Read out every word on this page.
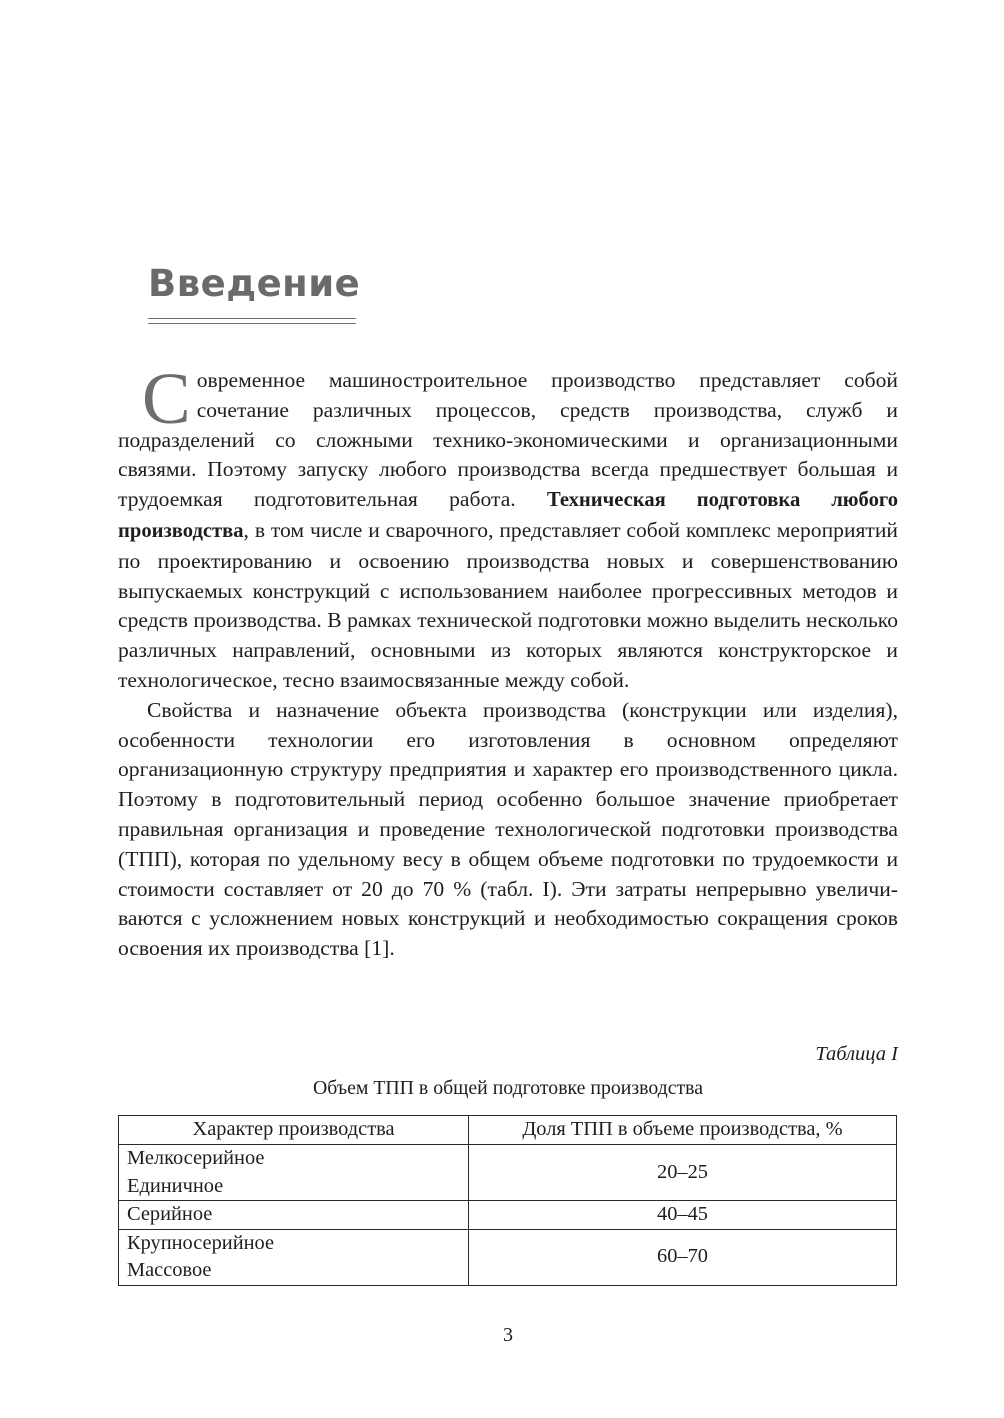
Введение

Современное машиностроительное производство представляет собой сочетание различных процессов, средств производства, служб и подразделений со сложными технико-экономическими и организационными связями. Поэтому запуску любого производства всегда предшествует большая и трудоемкая подготовительная работа. Техническая подготовка любого производства, в том числе и сварочного, представляет собой комплекс мероприятий по проектированию и освоению производства новых и совершенствованию выпускаемых конструкций с использованием наиболее прогрессивных методов и средств производства. В рамках технической подготовки можно выделить несколько различных направлений, основными из которых являются конструкторское и технологическое, тесно взаимосвязанные между собой.

Свойства и назначение объекта производства (конструкции или изделия), особенности технологии его изготовления в основном определяют организационную структуру предприятия и характер его производственного цикла. Поэтому в подготовительный период особенно большое значение приобретает правильная организация и проведение технологической подготовки производства (ТПП), которая по удельному весу в общем объеме подготовки по трудоемкости и стоимости составляет от 20 до 70 % (табл. I). Эти затраты непрерывно увеличиваются с усложнением новых конструкций и необходимостью сокращения сроков освоения их производства [1].

Таблица I

Объем ТПП в общей подготовке производства

Характер производства	Доля ТПП в объеме производства, %

Мелкосерийное
Единичное	20–25

Серийное	40–45

Крупносерийное
Массовое	60–70

3
